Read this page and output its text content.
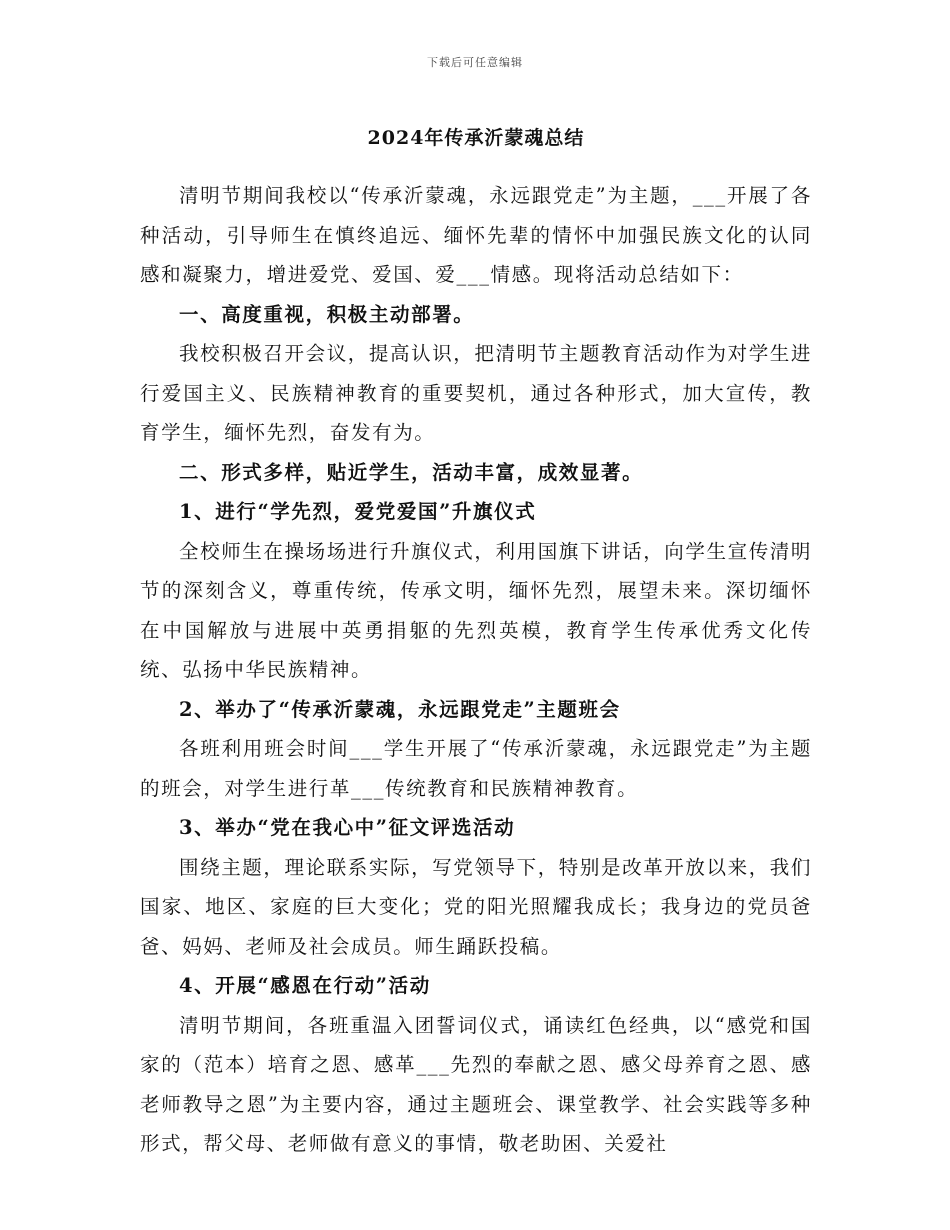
下载后可任意编辑
2024年传承沂蒙魂总结

清明节期间我校以“传承沂蒙魂，永远跟党走”为主题，___开展了各种活动，引导师生在慎终追远、缅怀先辈的情怀中加强民族文化的认同感和凝聚力，增进爱党、爱国、爱___情感。现将活动总结如下：

一、高度重视，积极主动部署。

我校积极召开会议，提高认识，把清明节主题教育活动作为对学生进行爱国主义、民族精神教育的重要契机，通过各种形式，加大宣传，教育学生，缅怀先烈，奋发有为。

二、形式多样，贴近学生，活动丰富，成效显著。

1、进行“学先烈，爱党爱国”升旗仪式

全校师生在操场场进行升旗仪式，利用国旗下讲话，向学生宣传清明节的深刻含义，尊重传统，传承文明，缅怀先烈，展望未来。深切缅怀在中国解放与进展中英勇捐躯的先烈英模，教育学生传承优秀文化传统、弘扬中华民族精神。

2、举办了“传承沂蒙魂，永远跟党走”主题班会

各班利用班会时间___学生开展了“传承沂蒙魂，永远跟党走”为主题的班会，对学生进行革___传统教育和民族精神教育。

3、举办“党在我心中”征文评选活动

围绕主题，理论联系实际，写党领导下，特别是改革开放以来，我们国家、地区、家庭的巨大变化；党的阳光照耀我成长；我身边的党员爸爸、妈妈、老师及社会成员。师生踊跃投稿。

4、开展“感恩在行动”活动

清明节期间，各班重温入团誓词仪式，诵读红色经典，以“感党和国家的（范本）培育之恩、感革___先烈的奉献之恩、感父母养育之恩、感老师教导之恩”为主要内容，通过主题班会、课堂教学、社会实践等多种形式，帮父母、老师做有意义的事情，敬老助困、关爱社
